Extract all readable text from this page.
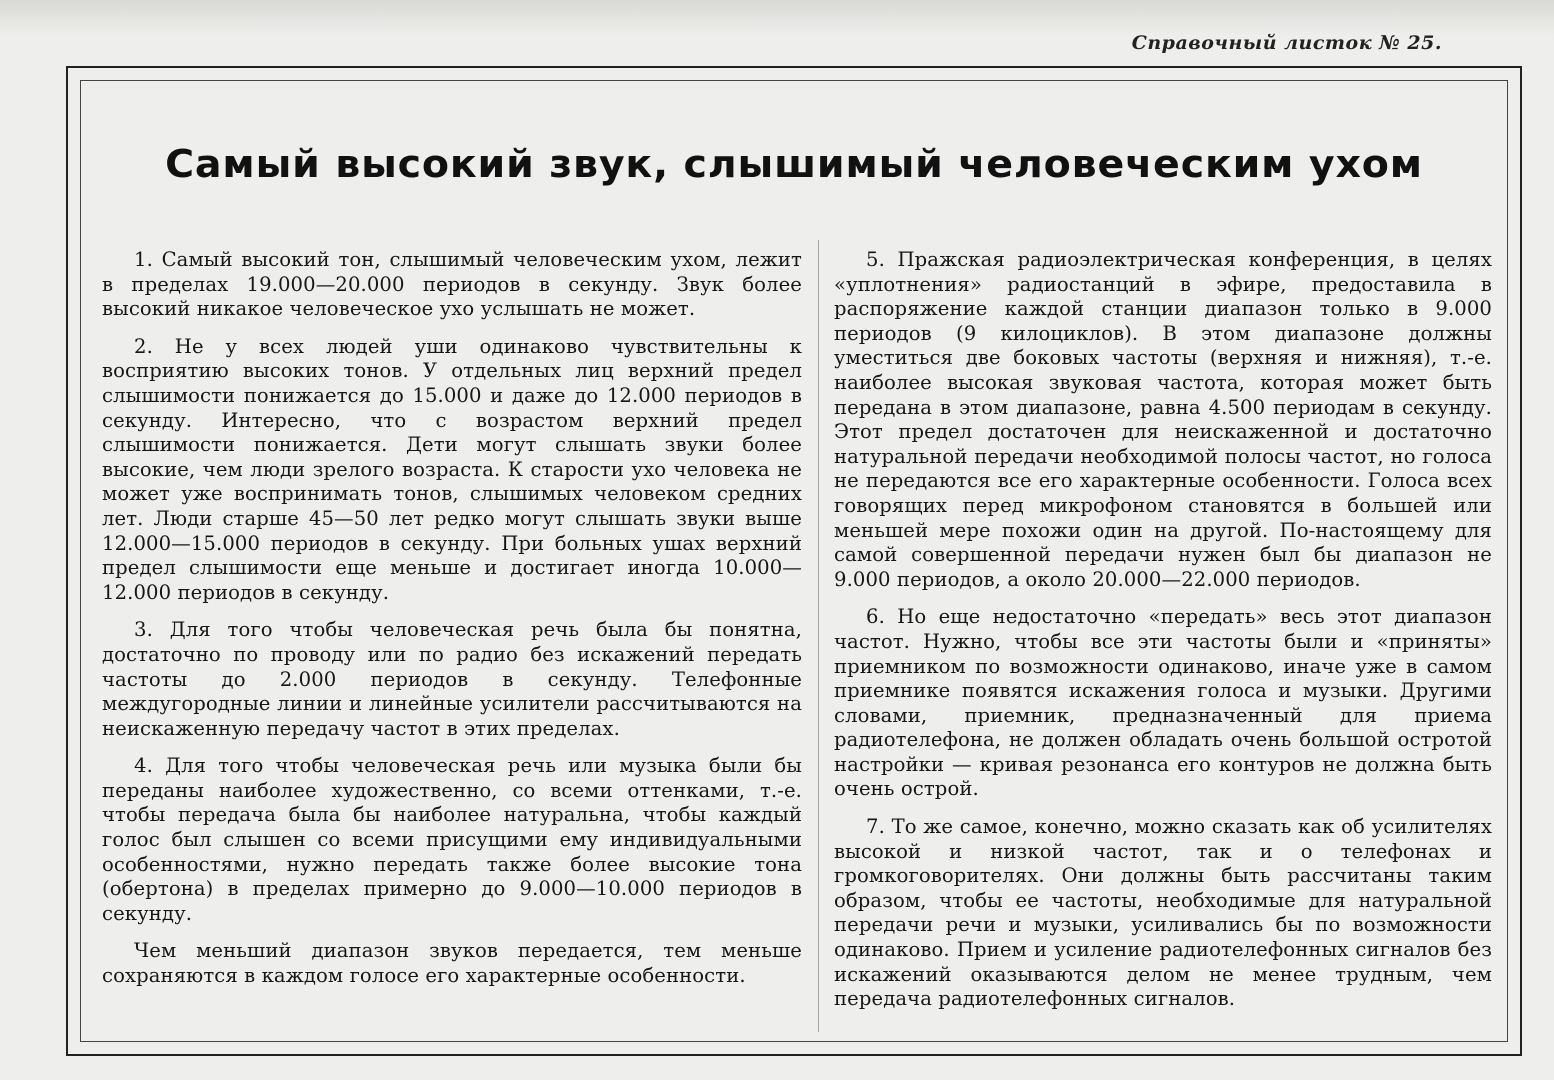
Справочный листок № 25.
Самый высокий звук, слышимый человеческим ухом

1. Самый высокий тон, слышимый человеческим ухом, лежит в пределах 19.000—20.000 периодов в секунду. Звук более высокий никакое человеческое ухо услышать не может.

2. Не у всех людей уши одинаково чувствительны к восприятию высоких тонов. У отдельных лиц верхний предел слышимости понижается до 15.000 и даже до 12.000 периодов в секунду. Интересно, что с возрастом верхний предел слышимости понижается. Дети могут слышать звуки более высокие, чем люди зрелого возраста. К старости ухо человека не может уже воспринимать тонов, слышимых человеком средних лет. Люди старше 45—50 лет редко могут слышать звуки выше 12.000—15.000 периодов в секунду. При больных ушах верхний предел слышимости еще меньше и достигает иногда 10.000—12.000 периодов в секунду.

3. Для того чтобы человеческая речь была бы понятна, достаточно по проводу или по радио без искажений передать частоты до 2.000 периодов в секунду. Телефонные междугородные линии и линейные усилители рассчитываются на неискаженную передачу частот в этих пределах.

4. Для того чтобы человеческая речь или музыка были бы переданы наиболее художественно, со всеми оттенками, т.-е. чтобы передача была бы наиболее натуральна, чтобы каждый голос был слышен со всеми присущими ему индивидуальными особенностями, нужно передать также более высокие тона (обертона) в пределах примерно до 9.000—10.000 периодов в секунду.

Чем меньший диапазон звуков передается, тем меньше сохраняются в каждом голосе его характерные особенности.

5. Пражская радиоэлектрическая конференция, в целях «уплотнения» радиостанций в эфире, предоставила в распоряжение каждой станции диапазон только в 9.000 периодов (9 килоциклов). В этом диапазоне должны уместиться две боковых частоты (верхняя и нижняя), т.-е. наиболее высокая звуковая частота, которая может быть передана в этом диапазоне, равна 4.500 периодам в секунду. Этот предел достаточен для неискаженной и достаточно натуральной передачи необходимой полосы частот, но голоса не передаются все его характерные особенности. Голоса всех говорящих перед микрофоном становятся в большей или меньшей мере похожи один на другой. По-настоящему для самой совершенной передачи нужен был бы диапазон не 9.000 периодов, а около 20.000—22.000 периодов.

6. Но еще недостаточно «передать» весь этот диапазон частот. Нужно, чтобы все эти частоты были и «приняты» приемником по возможности одинаково, иначе уже в самом приемнике появятся искажения голоса и музыки. Другими словами, приемник, предназначенный для приема радиотелефона, не должен обладать очень большой остротой настройки — кривая резонанса его контуров не должна быть очень острой.

7. То же самое, конечно, можно сказать как об усилителях высокой и низкой частот, так и о телефонах и громкоговорителях. Они должны быть рассчитаны таким образом, чтобы ее частоты, необходимые для натуральной передачи речи и музыки, усиливались бы по возможности одинаково. Прием и усиление радиотелефонных сигналов без искажений оказываются делом не менее трудным, чем передача радиотелефонных сигналов.
